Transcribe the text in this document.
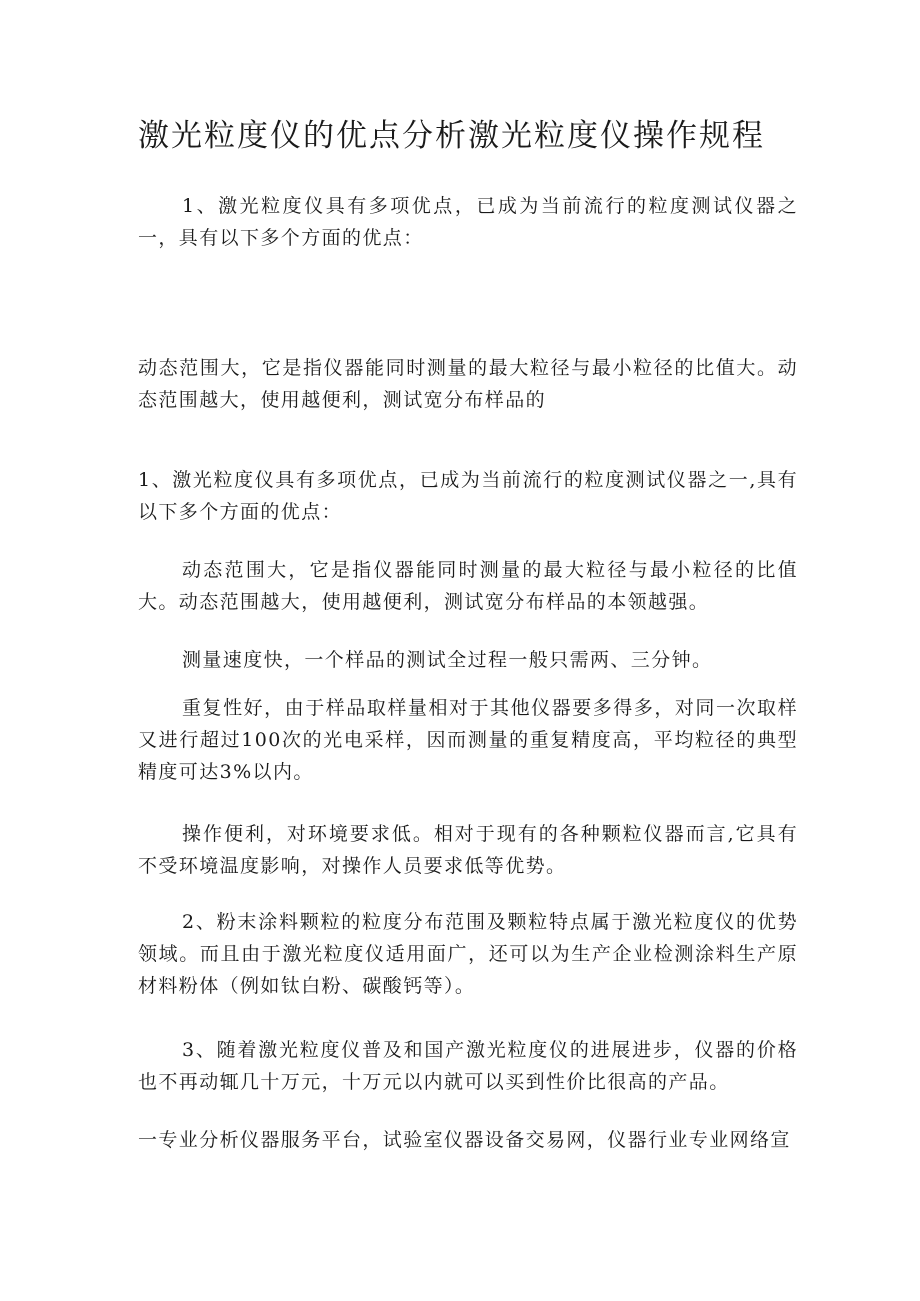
激光粒度仪的优点分析激光粒度仪操作规程

1、激光粒度仪具有多项优点，已成为当前流行的粒度测试仪器之一，具有以下多个方面的优点：

动态范围大，它是指仪器能同时测量的最大粒径与最小粒径的比值大。动态范围越大，使用越便利，测试宽分布样品的

1、激光粒度仪具有多项优点，已成为当前流行的粒度测试仪器之一,具有以下多个方面的优点：

动态范围大，它是指仪器能同时测量的最大粒径与最小粒径的比值大。动态范围越大，使用越便利，测试宽分布样品的本领越强。

测量速度快，一个样品的测试全过程一般只需两、三分钟。

重复性好，由于样品取样量相对于其他仪器要多得多，对同一次取样又进行超过100次的光电采样，因而测量的重复精度高，平均粒径的典型精度可达3%以内。

操作便利，对环境要求低。相对于现有的各种颗粒仪器而言,它具有不受环境温度影响，对操作人员要求低等优势。

2、粉末涂料颗粒的粒度分布范围及颗粒特点属于激光粒度仪的优势领域。而且由于激光粒度仪适用面广，还可以为生产企业检测涂料生产原材料粉体（例如钛白粉、碳酸钙等）。

3、随着激光粒度仪普及和国产激光粒度仪的进展进步，仪器的价格也不再动辄几十万元，十万元以内就可以买到性价比很高的产品。

一专业分析仪器服务平台，试验室仪器设备交易网，仪器行业专业网络宣
